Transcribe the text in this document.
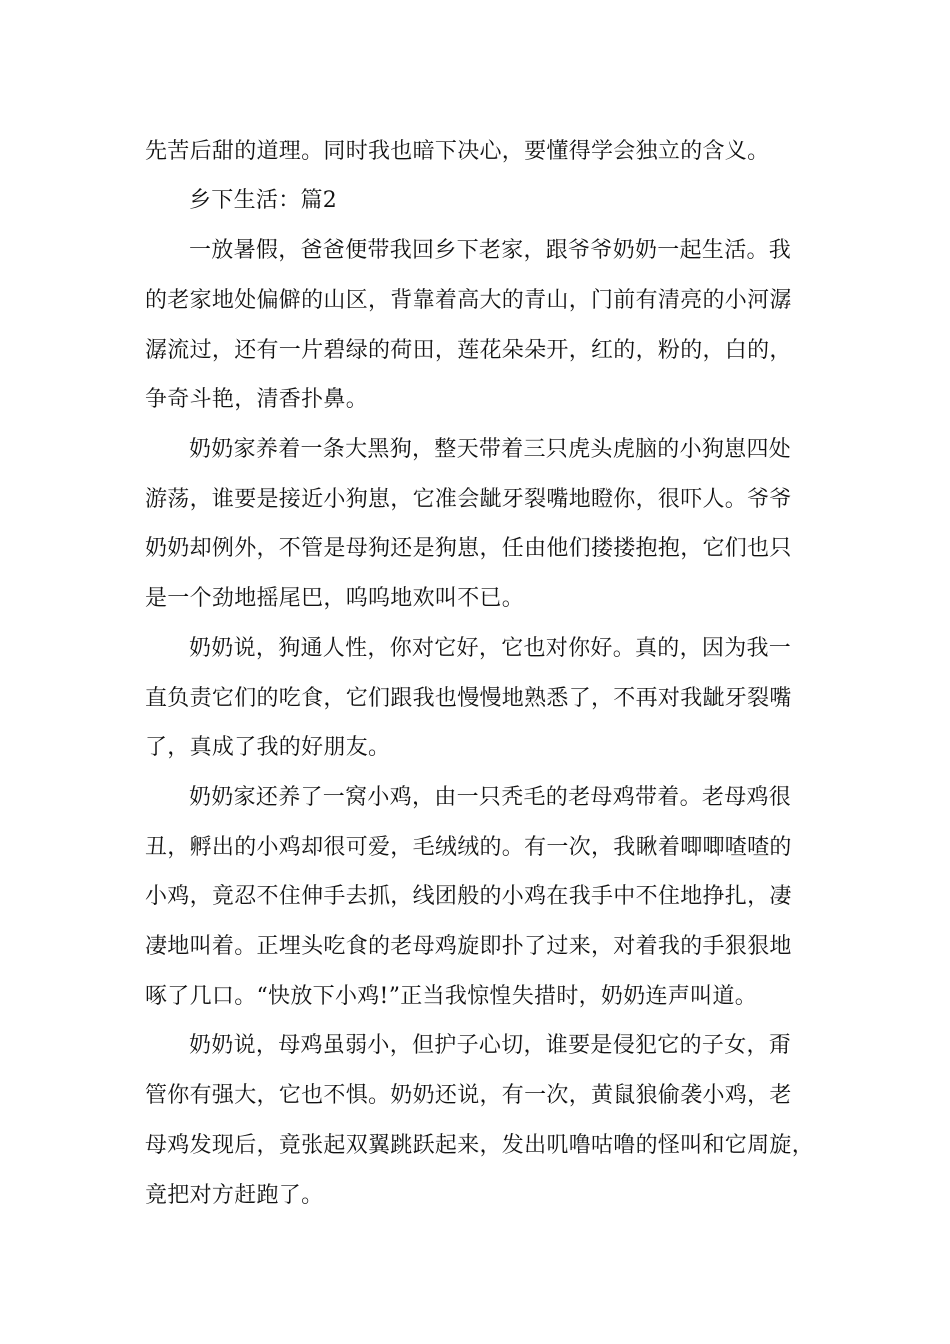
先苦后甜的道理。同时我也暗下决心，要懂得学会独立的含义。
乡下生活：篇2
一放暑假，爸爸便带我回乡下老家，跟爷爷奶奶一起生活。我
的老家地处偏僻的山区，背靠着高大的青山，门前有清亮的小河潺
潺流过，还有一片碧绿的荷田，莲花朵朵开，红的，粉的，白的，
争奇斗艳，清香扑鼻。
奶奶家养着一条大黑狗，整天带着三只虎头虎脑的小狗崽四处
游荡，谁要是接近小狗崽，它准会龇牙裂嘴地瞪你，很吓人。爷爷
奶奶却例外，不管是母狗还是狗崽，任由他们搂搂抱抱，它们也只
是一个劲地摇尾巴，呜呜地欢叫不已。
奶奶说，狗通人性，你对它好，它也对你好。真的，因为我一
直负责它们的吃食，它们跟我也慢慢地熟悉了，不再对我龇牙裂嘴
了，真成了我的好朋友。
奶奶家还养了一窝小鸡，由一只秃毛的老母鸡带着。老母鸡很
丑，孵出的小鸡却很可爱，毛绒绒的。有一次，我瞅着唧唧喳喳的
小鸡，竟忍不住伸手去抓，线团般的小鸡在我手中不住地挣扎，凄
凄地叫着。正埋头吃食的老母鸡旋即扑了过来，对着我的手狠狠地
啄了几口。“快放下小鸡!”正当我惊惶失措时，奶奶连声叫道。
奶奶说，母鸡虽弱小，但护子心切，谁要是侵犯它的子女，甭
管你有强大，它也不惧。奶奶还说，有一次，黄鼠狼偷袭小鸡，老
母鸡发现后，竟张起双翼跳跃起来，发出叽噜咕噜的怪叫和它周旋，
竟把对方赶跑了。
